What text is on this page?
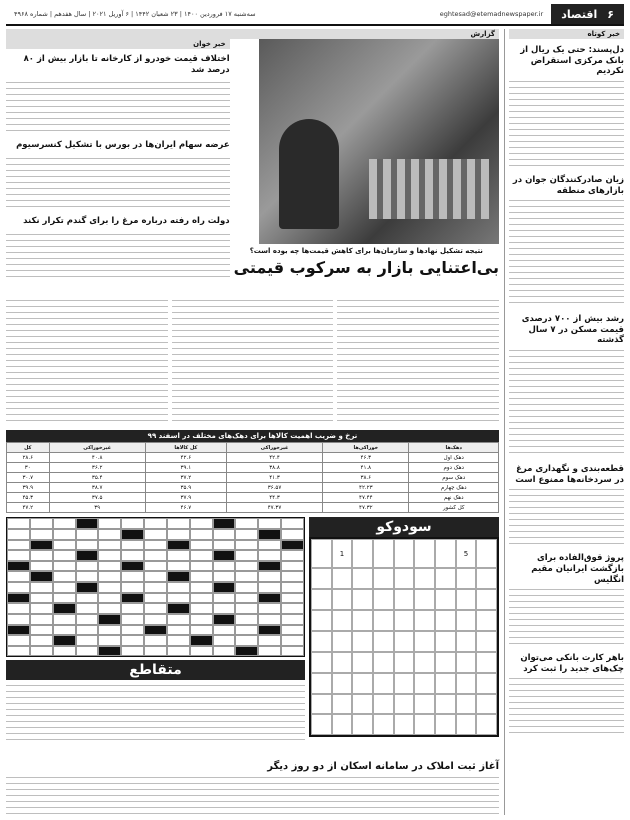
۶
اقتصاد
eghtesad@etemadnewspaper.ir
سه‌شنبه ۱۷ فروردین ۱۴۰۰ | ۲۳ شعبان ۱۴۴۲ | ۶ آوریل ۲۰۲۱ | سال هفدهم | شماره ۴۹۶۸
خبر کوتاه
دل‌پسند: حتی یک ریال از بانک مرکزی استقراض نکردیم
زیان صادرکنندگان جوان در بازارهای منطقه
رشد بیش از ۷۰۰ درصدی قیمت مسکن در ۷ سال گذشته
قطعه‌بندی و نگهداری مرغ در سردخانه‌ها ممنوع است
پروژ قوق‌الفاده برای بازگشت ایرانیان مقیم انگلیس
باهر کارت بانکی می‌توان چک‌های جدید را ثبت کرد
گزارش
نتیجه تشکیل نهادها و سازمان‌ها برای کاهش قیمت‌ها چه بوده است؟
بی‌اعتنایی بازار به سرکوب قیمتی
خبر خوان
اختلاف قیمت خودرو از کارخانه تا بازار بیش از ۸۰ درصد شد
عرضه سهام ایران‌ها در بورس با تشکیل کنسرسیوم
دولت راه رفته درباره مرغ را برای گندم تکرار نکند
نرخ و ضریب اهمیت کالاها برای دهک‌های مختلف در اسفند ۹۹
دهک‌ها	خوراکی‌ها	غیرخوراکی	کل کالاها	غیرخوراکی	کل
دهک اول	۴۶.۳	۴۲.۴	۴۲.۶	۴۰.۸	۲۸.۶
دهک دوم	۴۱.۸	۳۸.۸	۳۹.۱	۳۶.۲	۳۰
دهک سوم	۳۸.۶	۴۱.۳	۳۷.۲	۳۵.۴	۳۰.۷
دهک چهارم	۴۲.۲۳	۳۶.۵۷	۳۵.۹	۳۸.۷	۳۹.۹
دهک نهم	۴۷.۴۴	۴۴.۳	۳۷.۹	۳۷.۵	۴۵.۳
کل کشور	۴۷.۳۲	۴۷.۳۷	۴۶.۷	۳۹	۴۷.۲
سودوکو
5
1
متقاطع
آغاز ثبت املاک در سامانه اسکان از دو روز دیگر
